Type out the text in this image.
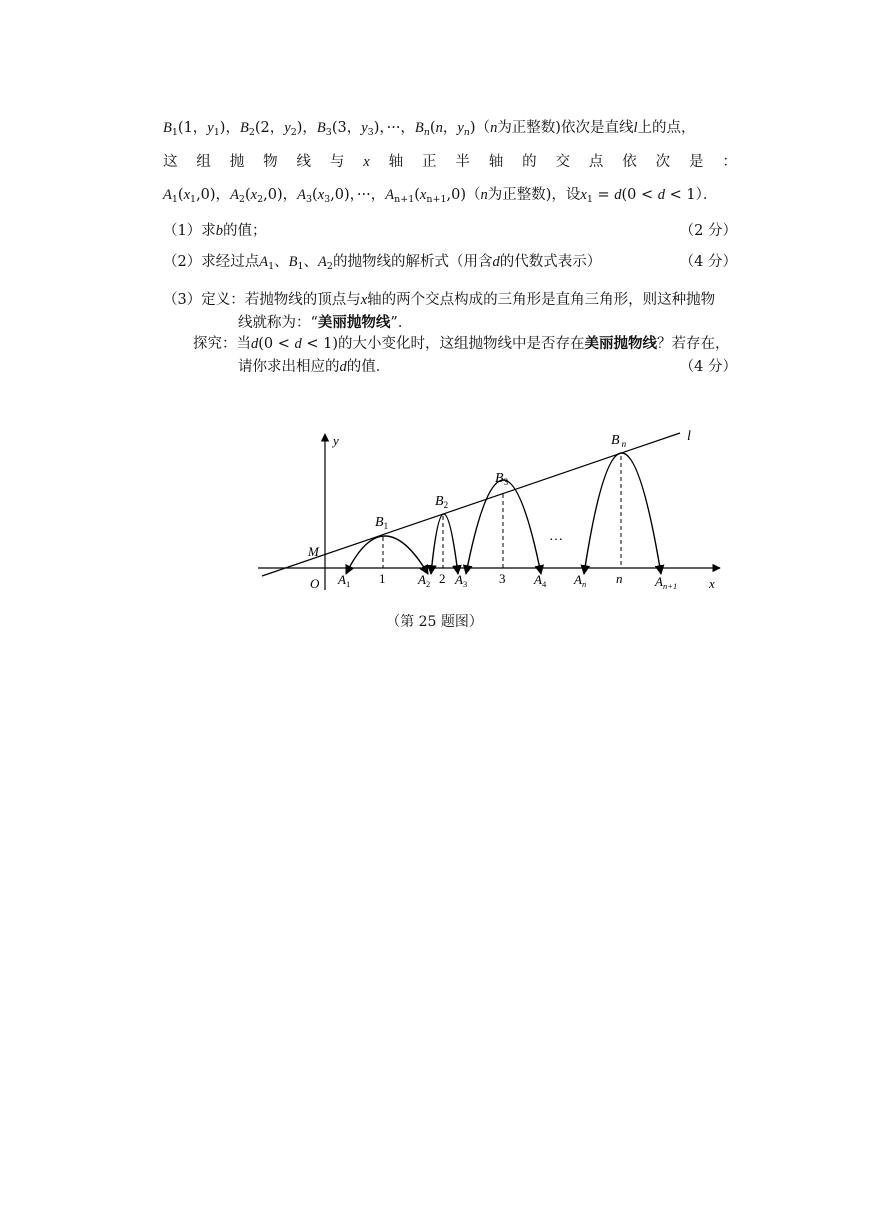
$B_1(1$，$y_1$)，$B_2(2$，$y_2$)，$B_3(3$，$y_3$)，···，$B_n(n$，$y_n)(n$为正整数)依次是直线l上的点，
这 组 抛 物 线 与 x 轴 正 半 轴 的 交 点 依 次 是 ：
$A_1(x_1,0)$，$A_2(x_2,0)$，$A_3(x_3,0)$，···，$A_{n+1}(x_{n+1},0)(n$为正整数)，设$x_1 = d(0 < d < 1)$．
（1）求b的值；	（2 分）
（2）求经过点$A_1$、$B_1$、$A_2$的抛物线的解析式（用含d的代数式表示）	（4 分）
（3）定义：若抛物线的顶点与x轴的两个交点构成的三角形是直角三角形，则这种抛物
线就称为：“美丽抛物线”．
探究：当d(0 < d < 1)的大小变化时，这组抛物线中是否存在美丽抛物线？若存在，
请你求出相应的d的值．	（4 分）
y
x
O
M
l
···
$B_1$
$B_2$
$B_3$
B $_n$
$A_1$	$A_2$ $A_3$	$A_4$ $A_n$	$A_{n+1}$
1	2	3	n
（第 25 题图）
